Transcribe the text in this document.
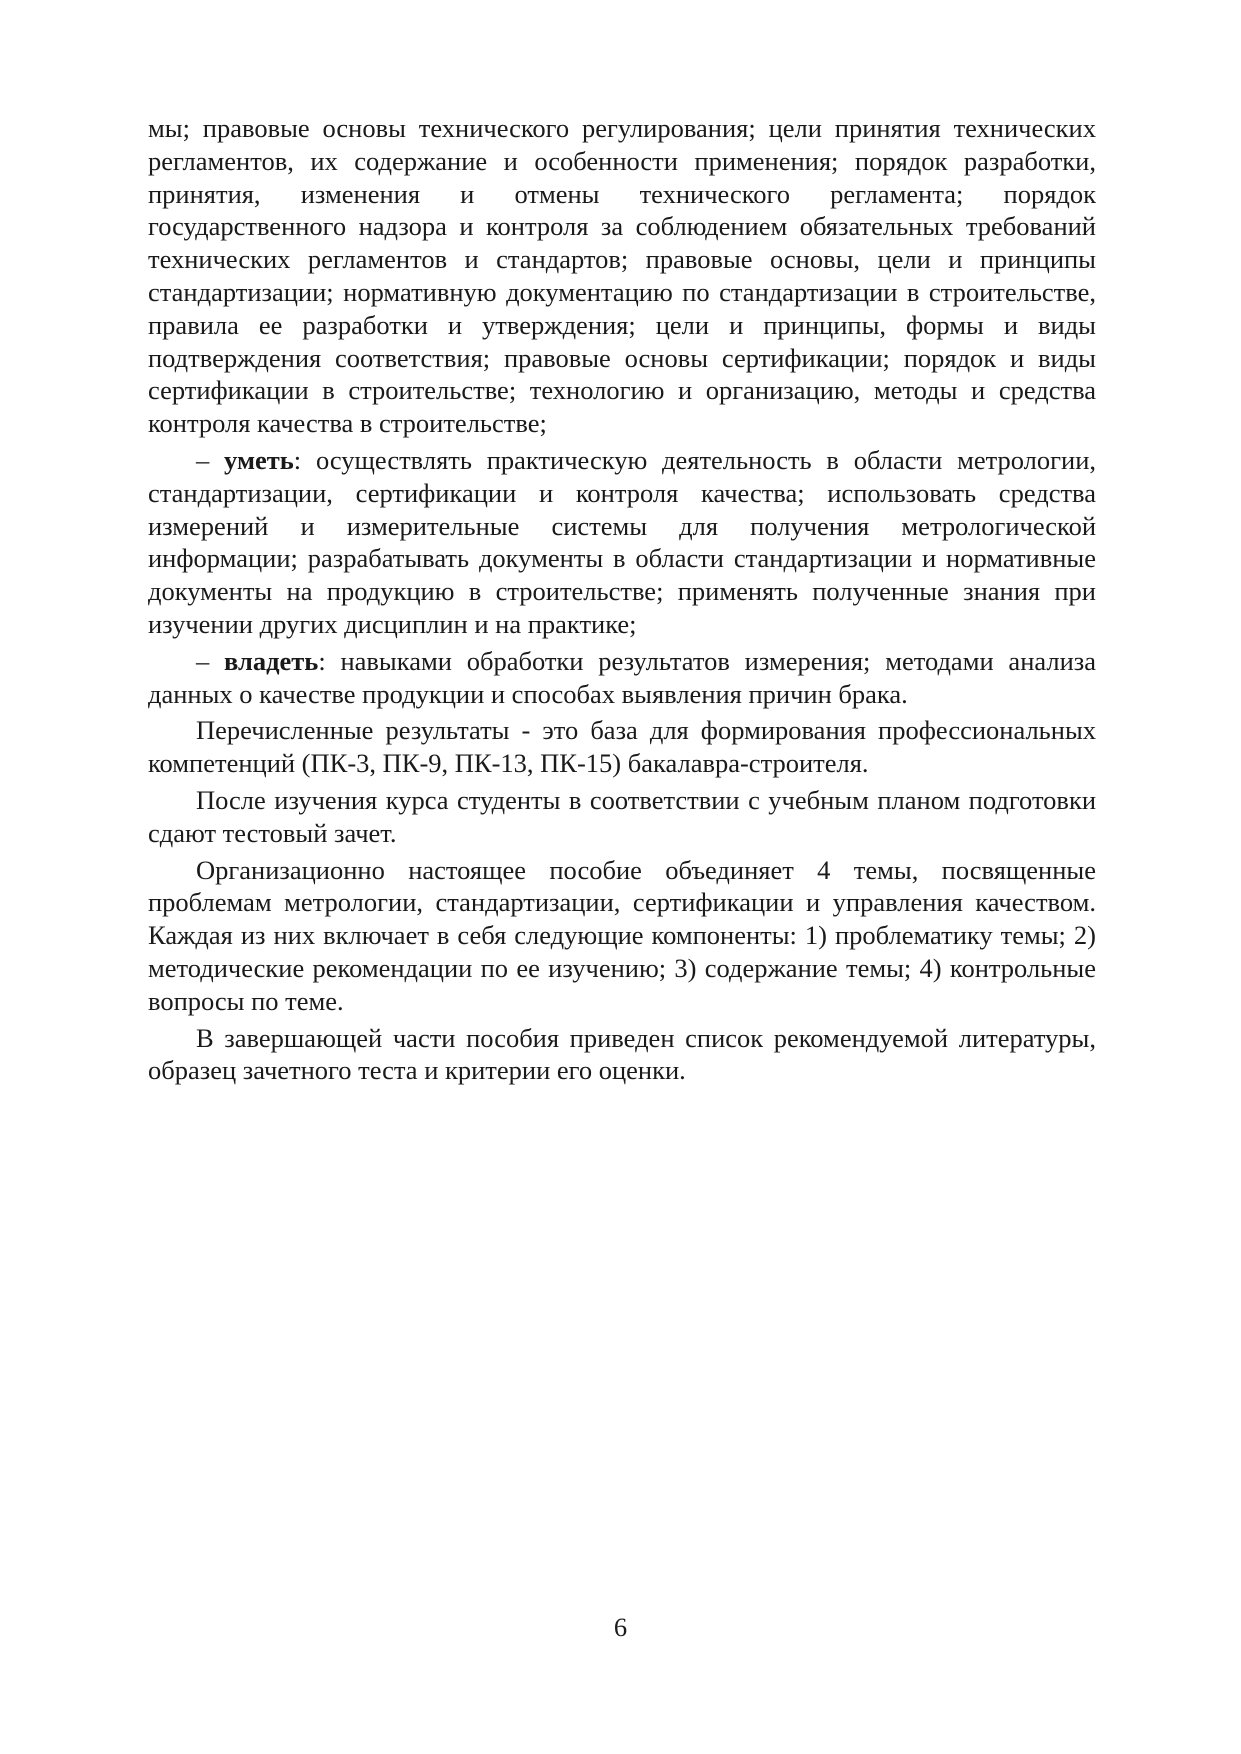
мы; правовые основы технического регулирования; цели принятия технических регламентов, их содержание и особенности применения; порядок разработки, принятия, изменения и отмены технического регламента; порядок государственного надзора и контроля за соблюдением обязательных требований технических регламентов и стандартов; правовые основы, цели и принципы стандартизации; нормативную документацию по стандартизации в строительстве, правила ее разработки и утверждения; цели и принципы, формы и виды подтверждения соответствия; правовые основы сертификации; порядок и виды сертификации в строительстве; технологию и организацию, методы и средства контроля качества в строительстве;

– уметь: осуществлять практическую деятельность в области метрологии, стандартизации, сертификации и контроля качества; использовать средства измерений и измерительные системы для получения метрологической информации; разрабатывать документы в области стандартизации и нормативные документы на продукцию в строительстве; применять полученные знания при изучении других дисциплин и на практике;

– владеть: навыками обработки результатов измерения; методами анализа данных о качестве продукции и способах выявления причин брака.

Перечисленные результаты - это база для формирования профессиональных компетенций (ПК-3, ПК-9, ПК-13, ПК-15) бакалавра-строителя.

После изучения курса студенты в соответствии с учебным планом подготовки сдают тестовый зачет.

Организационно настоящее пособие объединяет 4 темы, посвященные проблемам метрологии, стандартизации, сертификации и управления качеством. Каждая из них включает в себя следующие компоненты: 1) проблематику темы; 2) методические рекомендации по ее изучению; 3) содержание темы; 4) контрольные вопросы по теме.

В завершающей части пособия приведен список рекомендуемой литературы, образец зачетного теста и критерии его оценки.

6
